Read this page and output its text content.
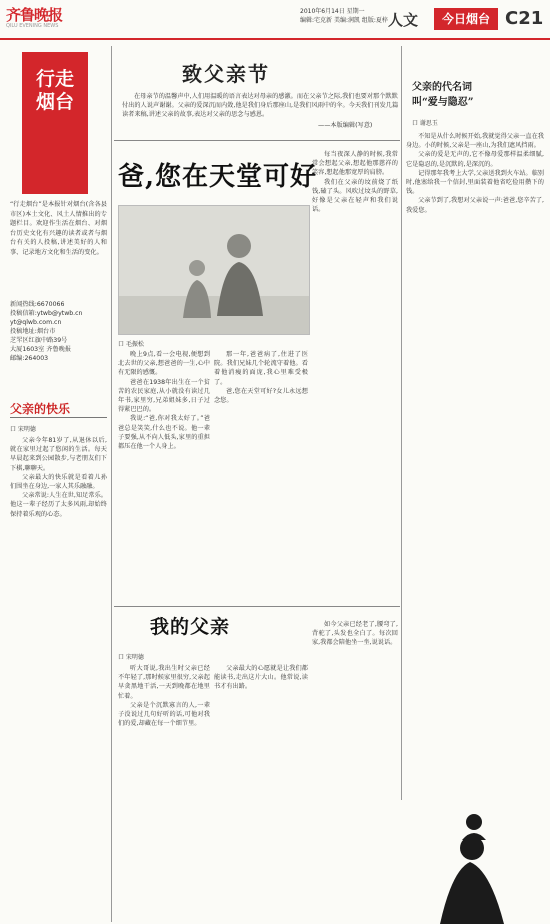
齐鲁晚报
QILU EVENING NEWS
2010年6月14日 星期一
编辑:宅克新 美编:润凯 组版:夏梓 人文	今日烟台 C21
行走
烟台
“行走烟台”是本报针对烟台(含各县市区)本土文化、风土人情推出的专题栏目。欢迎作生活在烟台、对烟台历史文化有兴趣的读者或者与烟台有关的人投稿,讲述美好的人和事、记录地方文化和生活的变化。
新闻热线:6670066
投稿信箱:ytwb@ytwb.cn
yt@qlwb.com.cn
投稿地址:烟台市
芝罘区红旗中路39号
大厦1603室 齐鲁晚报
邮编:264003
父亲的快乐
口 宋明德

父亲今年81岁了,从退休以后,就在家里过起了悠闲的生活。每天早晨起来到公园散步,与老朋友们下下棋,聊聊天。

父亲最大的快乐就是看着儿孙们围坐在身边,一家人其乐融融。

父亲常说:人生在世,知足常乐。他这一辈子经历了太多风雨,却始终保持着乐观的心态。

致父亲节
在母亲节的温馨声中,人们用温暖的语言表达对母亲的感激。而在父亲节之际,我们也要对那个默默付出的人说声谢谢。父亲的爱深沉而内敛,他是我们身后那座山,是我们风雨中的伞。今天我们刊发几篇读者来稿,讲述父亲的故事,表达对父亲的思念与感恩。
——本版编辑(写意)
爸,您在天堂可好
口 毛振松

晚上9点,看一会电视,便想到北去世的父亲,想爸爸的一生,心中有无限的感慨。

爸爸在1938年出生在一个贫苦的农民家庭,从小就没有读过几年书,家里穷,兄弟姐妹多,日子过得紧巴巴的。

我说:“爸,你对我太好了。”爸爸总是笑笑,什么也不说。他一辈子要强,从不向人低头,家里的重担都压在他一个人身上。

那一年,爸爸病了,住进了医院。我们兄妹几个轮流守着他。看着他消瘦的面庞,我心里难受极了。

爸,您在天堂可好?女儿永远想念您。

每当夜深人静的时候,我常常会想起父亲,想起他那慈祥的笑容,想起他那宽厚的肩膀。

我们在父亲的坟前烧了纸钱,磕了头。风吹过坟头的野草,好像是父亲在轻声和我们说话。

我的父亲
口 宋明德

听大哥说,我出生时父亲已经不年轻了,那时候家里很穷,父亲起早贪黑地干活,一天到晚都在地里忙着。

父亲是个沉默寡言的人,一辈子没说过几句好听的话,可他对我们的爱,却藏在每一个细节里。

父亲最大的心愿就是让我们都能读书,走出这片大山。他常说,读书才有出路。

如今父亲已经老了,腰弯了,背驼了,头发也全白了。每次回家,我都会陪他坐一坐,说说话。

父亲的代名词
叫“爱与隐忍”
口 谢思玉

不知是从什么时候开始,我就觉得父亲一直在我身边。小的时候,父亲是一座山,为我们遮风挡雨。

父亲的爱是无声的,它不像母爱那样温柔细腻,它是隐忍的,是沉默的,是深沉的。

记得那年我考上大学,父亲送我到火车站。临别时,他塞给我一个信封,里面装着他省吃俭用攒下的钱。

父亲节到了,我想对父亲说一声:爸爸,您辛苦了,我爱您。
